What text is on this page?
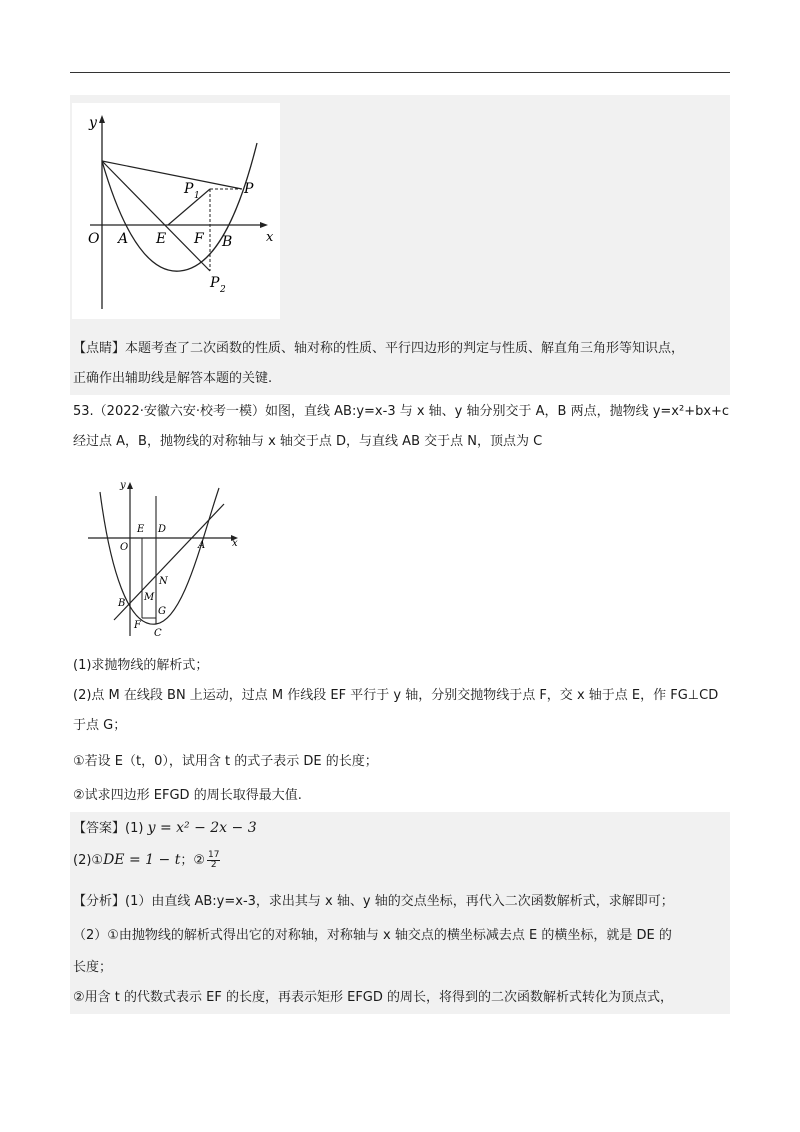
y
x
O A E F B
P
P 1
P 2
【点睛】本题考查了二次函数的性质、轴对称的性质、平行四边形的判定与性质、解直角三角形等知识点，
正确作出辅助线是解答本题的关键.
53.（2022·安徽六安·校考一模）如图，直线 AB:y=x-3 与 x 轴、y 轴分别交于 A，B 两点，抛物线 y=x²+bx+c
经过点 A，B，抛物线的对称轴与 x 轴交于点 D，与直线 AB 交于点 N，顶点为 C
y
x
O
E D
A
N
B
M
G
F
C
(1)求抛物线的解析式；
(2)点 M 在线段 BN 上运动，过点 M 作线段 EF 平行于 y 轴，分别交抛物线于点 F，交 x 轴于点 E，作 FG⊥CD
于点 G；
①若设 E（t，0），试用含 t 的式子表示 DE 的长度；
②试求四边形 EFGD 的周长取得最大值.
【答案】(1) y = x² − 2x − 3
(2)①DE = 1 − t；② $\frac{17}{2}$
【分析】(1）由直线 AB:y=x-3，求出其与 x 轴、y 轴的交点坐标，再代入二次函数解析式，求解即可；
（2）①由抛物线的解析式得出它的对称轴，对称轴与 x 轴交点的横坐标减去点 E 的横坐标，就是 DE 的
长度；
②用含 t 的代数式表示 EF 的长度，再表示矩形 EFGD 的周长，将得到的二次函数解析式转化为顶点式，
